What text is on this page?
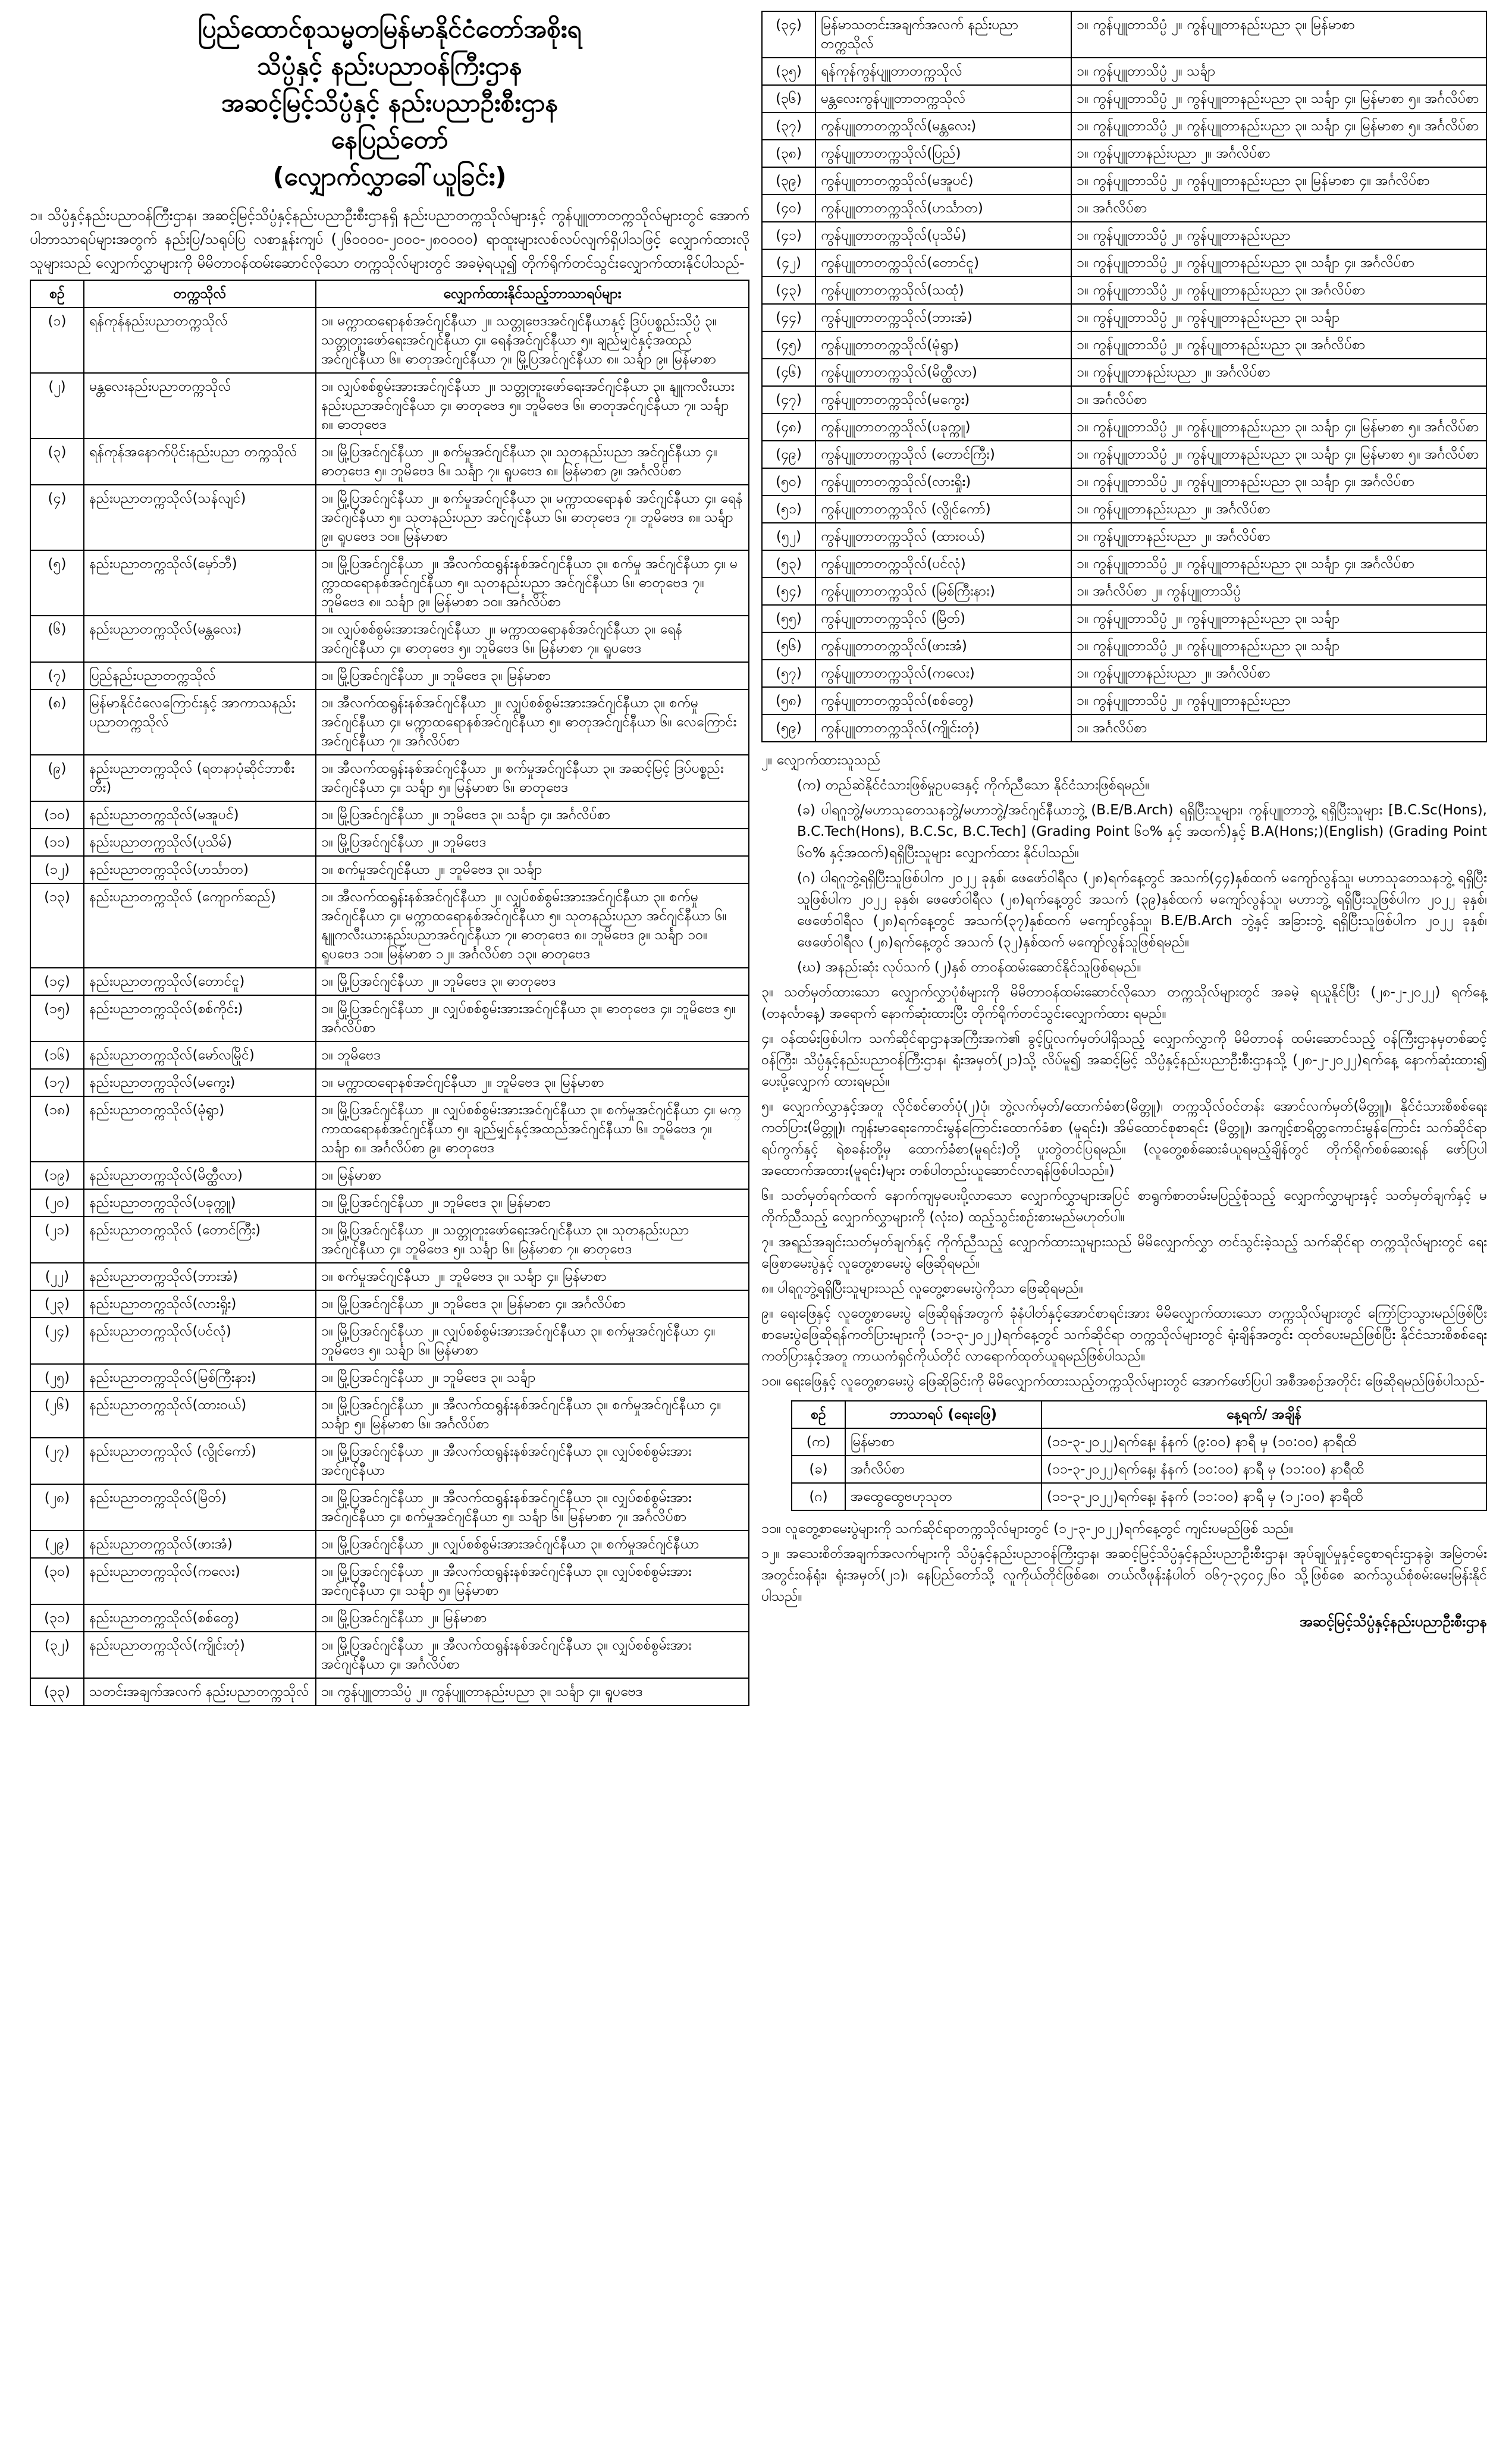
ပြည်ထောင်စုသမ္မတမြန်မာနိုင်ငံတော်အစိုးရ
သိပ္ပံနှင့် နည်းပညာဝန်ကြီးဌာန
အဆင့်မြင့်သိပ္ပံနှင့် နည်းပညာဦးစီးဌာန
နေပြည်တော်
(လျှောက်လွှာခေါ်ယူခြင်း)

၁။ သိပ္ပံနှင့်နည်းပညာဝန်ကြီးဌာန၊ အဆင့်မြင့်သိပ္ပံနှင့်နည်းပညာဦးစီးဌာနရှိ နည်းပညာတက္ကသိုလ်များနှင့် ကွန်ပျူတာတက္ကသိုလ်များတွင် အောက်ပါဘာသာရပ်များအတွက် နည်းပြ/သရုပ်ပြ လစာနှုန်းကျပ် (၂၆၀၀၀၀-၂၀၀၀-၂၈၀၀၀၀) ရာထူးများလစ်လပ်လျက်ရှိပါသဖြင့် လျှောက်ထားလိုသူများသည် လျှောက်လွှာများကို မိမိတာဝန်ထမ်းဆောင်လိုသော တက္ကသိုလ်များတွင် အခမဲ့ရယူ၍ တိုက်ရိုက်တင်သွင်းလျှောက်ထားနိုင်ပါသည်-

စဉ်	တက္ကသိုလ်	လျှောက်ထားနိုင်သည့်ဘာသာရပ်များ
(၁)	ရန်ကုန်နည်းပညာတက္ကသိုလ်	၁။ မက္ကာထရောနစ်အင်ဂျင်နီယာ ၂။ သတ္တုဗေဒအင်ဂျင်နီယာနှင့် ဒြပ်ပစ္စည်းသိပ္ပံ ၃။ သတ္တုတူးဖော်ရေးအင်ဂျင်နီယာ ၄။ ရေနံအင်ဂျင်နီယာ ၅။ ချည်မျှင်နှင့်အထည် အင်ဂျင်နီယာ ၆။ ဓာတုအင်ဂျင်နီယာ ၇။ မြို့ပြအင်ဂျင်နီယာ ၈။ သင်္ချာ ၉။ မြန်မာစာ
(၂)	မန္တလေးနည်းပညာတက္ကသိုလ်	၁။ လျှပ်စစ်စွမ်းအားအင်ဂျင်နီယာ ၂။ သတ္တုတူးဖော်ရေးအင်ဂျင်နီယာ ၃။ နျူကလီးယားနည်းပညာအင်ဂျင်နီယာ ၄။ ဓာတုဗေဒ ၅။ ဘူမိဗေဒ ၆။ ဓာတုအင်ဂျင်နီယာ ၇။ သင်္ချာ ၈။ ဓာတုဗေဒ
(၃)	ရန်ကုန်အနောက်ပိုင်းနည်းပညာ တက္ကသိုလ်	၁။ မြို့ပြအင်ဂျင်နီယာ ၂။ စက်မှုအင်ဂျင်နီယာ ၃။ သုတနည်းပညာ အင်ဂျင်နီယာ ၄။ ဓာတုဗေဒ ၅။ ဘူမိဗေဒ ၆။ သင်္ချာ ၇။ ရူပဗေဒ ၈။ မြန်မာစာ ၉။ အင်္ဂလိပ်စာ
(၄)	နည်းပညာတက္ကသိုလ်(သန်လျင်)	၁။ မြို့ပြအင်ဂျင်နီယာ ၂။ စက်မှုအင်ဂျင်နီယာ ၃။ မက္ကာထရောနစ် အင်ဂျင်နီယာ ၄။ ရေနံအင်ဂျင်နီယာ ၅။ သုတနည်းပညာ အင်ဂျင်နီယာ ၆။ ဓာတုဗေဒ ၇။ ဘူမိဗေဒ ၈။ သင်္ချာ ၉။ ရူပဗေဒ ၁၀။ မြန်မာစာ
(၅)	နည်းပညာတက္ကသိုလ်(မှော်ဘီ)	၁။ မြို့ပြအင်ဂျင်နီယာ ၂။ အီလက်ထရွန်းနစ်အင်ဂျင်နီယာ ၃။ စက်မှု အင်ဂျင်နီယာ ၄။ မက္ကာထရောနစ်အင်ဂျင်နီယာ ၅။ သုတနည်းပညာ အင်ဂျင်နီယာ ၆။ ဓာတုဗေဒ ၇။ ဘူမိဗေဒ ၈။ သင်္ချာ ၉။ မြန်မာစာ ၁၀။ အင်္ဂလိပ်စာ
(၆)	နည်းပညာတက္ကသိုလ်(မန္တလေး)	၁။ လျှပ်စစ်စွမ်းအားအင်ဂျင်နီယာ ၂။ မက္ကာထရောနစ်အင်ဂျင်နီယာ ၃။ ရေနံအင်ဂျင်နီယာ ၄။ ဓာတုဗေဒ ၅။ ဘူမိဗေဒ ၆။ မြန်မာစာ ၇။ ရူပဗေဒ
(၇)	ပြည်နည်းပညာတက္ကသိုလ်	၁။ မြို့ပြအင်ဂျင်နီယာ ၂။ ဘူမိဗေဒ ၃။ မြန်မာစာ
(၈)	မြန်မာနိုင်ငံလေကြောင်းနှင့် အာကာသနည်းပညာတက္ကသိုလ်	၁။ အီလက်ထရွန်းနစ်အင်ဂျင်နီယာ ၂။ လျှပ်စစ်စွမ်းအားအင်ဂျင်နီယာ ၃။ စက်မှုအင်ဂျင်နီယာ ၄။ မက္ကာထရောနစ်အင်ဂျင်နီယာ ၅။ ဓာတုအင်ဂျင်နီယာ ၆။ လေကြောင်းအင်ဂျင်နီယာ ၇။ အင်္ဂလိပ်စာ
(၉)	နည်းပညာတက္ကသိုလ် (ရတနာပုံဆိုင်ဘာစီးတီး)	၁။ အီလက်ထရွန်းနစ်အင်ဂျင်နီယာ ၂။ စက်မှုအင်ဂျင်နီယာ ၃။ အဆင့်မြင့် ဒြပ်ပစ္စည်းအင်ဂျင်နီယာ ၄။ သင်္ချာ ၅။ မြန်မာစာ ၆။ ဓာတုဗေဒ
(၁၀)	နည်းပညာတက္ကသိုလ်(မအူပင်)	၁။ မြို့ပြအင်ဂျင်နီယာ ၂။ ဘူမိဗေဒ ၃။ သင်္ချာ ၄။ အင်္ဂလိပ်စာ
(၁၁)	နည်းပညာတက္ကသိုလ်(ပုသိမ်)	၁။ မြို့ပြအင်ဂျင်နီယာ ၂။ ဘူမိဗေဒ
(၁၂)	နည်းပညာတက္ကသိုလ်(ဟင်္သာတ)	၁။ စက်မှုအင်ဂျင်နီယာ ၂။ ဘူမိဗေဒ ၃။ သင်္ချာ
(၁၃)	နည်းပညာတက္ကသိုလ် (ကျောက်ဆည်)	၁။ အီလက်ထရွန်းနစ်အင်ဂျင်နီယာ ၂။ လျှပ်စစ်စွမ်းအားအင်ဂျင်နီယာ ၃။ စက်မှုအင်ဂျင်နီယာ ၄။ မက္ကာထရောနစ်အင်ဂျင်နီယာ ၅။ သုတနည်းပညာ အင်ဂျင်နီယာ ၆။ နျူကလီးယားနည်းပညာအင်ဂျင်နီယာ ၇။ ဓာတုဗေဒ ၈။ ဘူမိဗေဒ ၉။ သင်္ချာ ၁၀။ ရူပဗေဒ ၁၁။ မြန်မာစာ ၁၂။ အင်္ဂလိပ်စာ ၁၃။ ဓာတုဗေဒ
(၁၄)	နည်းပညာတက္ကသိုလ်(တောင်ငူ)	၁။ မြို့ပြအင်ဂျင်နီယာ ၂။ ဘူမိဗေဒ ၃။ ဓာတုဗေဒ
(၁၅)	နည်းပညာတက္ကသိုလ်(စစ်ကိုင်း)	၁။ မြို့ပြအင်ဂျင်နီယာ ၂။ လျှပ်စစ်စွမ်းအားအင်ဂျင်နီယာ ၃။ ဓာတုဗေဒ ၄။ ဘူမိဗေဒ ၅။ အင်္ဂလိပ်စာ
(၁၆)	နည်းပညာတက္ကသိုလ်(မော်လမြိုင်)	၁။ ဘူမိဗေဒ
(၁၇)	နည်းပညာတက္ကသိုလ်(မကွေး)	၁။ မက္ကာထရောနစ်အင်ဂျင်နီယာ ၂။ ဘူမိဗေဒ ၃။ မြန်မာစာ
(၁၈)	နည်းပညာတက္ကသိုလ်(မုံရွာ)	၁။ မြို့ပြအင်ဂျင်နီယာ ၂။ လျှပ်စစ်စွမ်းအားအင်ဂျင်နီယာ ၃။ စက်မှုအင်ဂျင်နီယာ ၄။ မက္ကာထရောနစ်အင်ဂျင်နီယာ ၅။ ချည်မျှင်နှင့်အထည်အင်ဂျင်နီယာ ၆။ ဘူမိဗေဒ ၇။ သင်္ချာ ၈။ အင်္ဂလိပ်စာ ၉။ ဓာတုဗေဒ
(၁၉)	နည်းပညာတက္ကသိုလ်(မိတ္ထီလာ)	၁။ မြန်မာစာ
(၂၀)	နည်းပညာတက္ကသိုလ်(ပခုက္ကူ)	၁။ မြို့ပြအင်ဂျင်နီယာ ၂။ ဘူမိဗေဒ ၃။ မြန်မာစာ
(၂၁)	နည်းပညာတက္ကသိုလ် (တောင်ကြီး)	၁။ မြို့ပြအင်ဂျင်နီယာ ၂။ သတ္တုတူးဖော်ရေးအင်ဂျင်နီယာ ၃။ သုတနည်းပညာအင်ဂျင်နီယာ ၄။ ဘူမိဗေဒ ၅။ သင်္ချာ ၆။ မြန်မာစာ ၇။ ဓာတုဗေဒ
(၂၂)	နည်းပညာတက္ကသိုလ်(ဘားအံ)	၁။ စက်မှုအင်ဂျင်နီယာ ၂။ ဘူမိဗေဒ ၃။ သင်္ချာ ၄။ မြန်မာစာ
(၂၃)	နည်းပညာတက္ကသိုလ်(လားရှိုး)	၁။ မြို့ပြအင်ဂျင်နီယာ ၂။ ဘူမိဗေဒ ၃။ မြန်မာစာ ၄။ အင်္ဂလိပ်စာ
(၂၄)	နည်းပညာတက္ကသိုလ်(ပင်လုံ)	၁။ မြို့ပြအင်ဂျင်နီယာ ၂။ လျှပ်စစ်စွမ်းအားအင်ဂျင်နီယာ ၃။ စက်မှုအင်ဂျင်နီယာ ၄။ ဘူမိဗေဒ ၅။ သင်္ချာ ၆။ မြန်မာစာ
(၂၅)	နည်းပညာတက္ကသိုလ်(မြစ်ကြီးနား)	၁။ မြို့ပြအင်ဂျင်နီယာ ၂။ ဘူမိဗေဒ ၃။ သင်္ချာ
(၂၆)	နည်းပညာတက္ကသိုလ်(ထားဝယ်)	၁။ မြို့ပြအင်ဂျင်နီယာ ၂။ အီလက်ထရွန်းနစ်အင်ဂျင်နီယာ ၃။ စက်မှုအင်ဂျင်နီယာ ၄။ သင်္ချာ ၅။ မြန်မာစာ ၆။ အင်္ဂလိပ်စာ
(၂၇)	နည်းပညာတက္ကသိုလ် (လွိုင်ကော်)	၁။ မြို့ပြအင်ဂျင်နီယာ ၂။ အီလက်ထရွန်းနစ်အင်ဂျင်နီယာ ၃။ လျှပ်စစ်စွမ်းအားအင်ဂျင်နီယာ
(၂၈)	နည်းပညာတက္ကသိုလ်(မြိတ်)	၁။ မြို့ပြအင်ဂျင်နီယာ ၂။ အီလက်ထရွန်းနစ်အင်ဂျင်နီယာ ၃။ လျှပ်စစ်စွမ်းအားအင်ဂျင်နီယာ ၄။ စက်မှုအင်ဂျင်နီယာ ၅။ သင်္ချာ ၆။ မြန်မာစာ ၇။ အင်္ဂလိပ်စာ
(၂၉)	နည်းပညာတက္ကသိုလ်(ဖားအံ)	၁။ မြို့ပြအင်ဂျင်နီယာ ၂။ လျှပ်စစ်စွမ်းအားအင်ဂျင်နီယာ ၃။ စက်မှုအင်ဂျင်နီယာ
(၃၀)	နည်းပညာတက္ကသိုလ်(ကလေး)	၁။ မြို့ပြအင်ဂျင်နီယာ ၂။ အီလက်ထရွန်းနစ်အင်ဂျင်နီယာ ၃။ လျှပ်စစ်စွမ်းအားအင်ဂျင်နီယာ ၄။ သင်္ချာ ၅။ မြန်မာစာ
(၃၁)	နည်းပညာတက္ကသိုလ်(စစ်တွေ)	၁။ မြို့ပြအင်ဂျင်နီယာ ၂။ မြန်မာစာ
(၃၂)	နည်းပညာတက္ကသိုလ်(ကျိုင်းတုံ)	၁။ မြို့ပြအင်ဂျင်နီယာ ၂။ အီလက်ထရွန်းနစ်အင်ဂျင်နီယာ ၃။ လျှပ်စစ်စွမ်းအားအင်ဂျင်နီယာ ၄။ အင်္ဂလိပ်စာ
(၃၃)	သတင်းအချက်အလက် နည်းပညာတက္ကသိုလ်	၁။ ကွန်ပျူတာသိပ္ပံ ၂။ ကွန်ပျူတာနည်းပညာ ၃။ သင်္ချာ ၄။ ရူပဗေဒ
(၃၄)	မြန်မာသတင်းအချက်အလက် နည်းပညာတက္ကသိုလ်	၁။ ကွန်ပျူတာသိပ္ပံ ၂။ ကွန်ပျူတာနည်းပညာ ၃။ မြန်မာစာ
(၃၅)	ရန်ကုန်ကွန်ပျူတာတက္ကသိုလ်	၁။ ကွန်ပျူတာသိပ္ပံ ၂။ သင်္ချာ
(၃၆)	မန္တလေးကွန်ပျူတာတက္ကသိုလ်	၁။ ကွန်ပျူတာသိပ္ပံ ၂။ ကွန်ပျူတာနည်းပညာ ၃။ သင်္ချာ ၄။ မြန်မာစာ ၅။ အင်္ဂလိပ်စာ
(၃၇)	ကွန်ပျူတာတက္ကသိုလ်(မန္တလေး)	၁။ ကွန်ပျူတာသိပ္ပံ ၂။ ကွန်ပျူတာနည်းပညာ ၃။ သင်္ချာ ၄။ မြန်မာစာ ၅။ အင်္ဂလိပ်စာ
(၃၈)	ကွန်ပျူတာတက္ကသိုလ်(ပြည်)	၁။ ကွန်ပျူတာနည်းပညာ ၂။ အင်္ဂလိပ်စာ
(၃၉)	ကွန်ပျူတာတက္ကသိုလ်(မအူပင်)	၁။ ကွန်ပျူတာသိပ္ပံ ၂။ ကွန်ပျူတာနည်းပညာ ၃။ မြန်မာစာ ၄။ အင်္ဂလိပ်စာ
(၄၀)	ကွန်ပျူတာတက္ကသိုလ်(ဟင်္သာတ)	၁။ အင်္ဂလိပ်စာ
(၄၁)	ကွန်ပျူတာတက္ကသိုလ်(ပုသိမ်)	၁။ ကွန်ပျူတာသိပ္ပံ ၂။ ကွန်ပျူတာနည်းပညာ
(၄၂)	ကွန်ပျူတာတက္ကသိုလ်(တောင်ငူ)	၁။ ကွန်ပျူတာသိပ္ပံ ၂။ ကွန်ပျူတာနည်းပညာ ၃။ သင်္ချာ ၄။ အင်္ဂလိပ်စာ
(၄၃)	ကွန်ပျူတာတက္ကသိုလ်(သထုံ)	၁။ ကွန်ပျူတာသိပ္ပံ ၂။ ကွန်ပျူတာနည်းပညာ ၃။ အင်္ဂလိပ်စာ
(၄၄)	ကွန်ပျူတာတက္ကသိုလ်(ဘားအံ)	၁။ ကွန်ပျူတာသိပ္ပံ ၂။ ကွန်ပျူတာနည်းပညာ ၃။ သင်္ချာ
(၄၅)	ကွန်ပျူတာတက္ကသိုလ်(မုံရွာ)	၁။ ကွန်ပျူတာသိပ္ပံ ၂။ ကွန်ပျူတာနည်းပညာ ၃။ အင်္ဂလိပ်စာ
(၄၆)	ကွန်ပျူတာတက္ကသိုလ်(မိတ္ထီလာ)	၁။ ကွန်ပျူတာနည်းပညာ ၂။ အင်္ဂလိပ်စာ
(၄၇)	ကွန်ပျူတာတက္ကသိုလ်(မကွေး)	၁။ အင်္ဂလိပ်စာ
(၄၈)	ကွန်ပျူတာတက္ကသိုလ်(ပခုက္ကူ)	၁။ ကွန်ပျူတာသိပ္ပံ ၂။ ကွန်ပျူတာနည်းပညာ ၃။ သင်္ချာ ၄။ မြန်မာစာ ၅။ အင်္ဂလိပ်စာ
(၄၉)	ကွန်ပျူတာတက္ကသိုလ် (တောင်ကြီး)	၁။ ကွန်ပျူတာသိပ္ပံ ၂။ ကွန်ပျူတာနည်းပညာ ၃။ သင်္ချာ ၄။ မြန်မာစာ ၅။ အင်္ဂလိပ်စာ
(၅၀)	ကွန်ပျူတာတက္ကသိုလ်(လားရှိုး)	၁။ ကွန်ပျူတာသိပ္ပံ ၂။ ကွန်ပျူတာနည်းပညာ ၃။ သင်္ချာ ၄။ အင်္ဂလိပ်စာ
(၅၁)	ကွန်ပျူတာတက္ကသိုလ် (လွိုင်ကော်)	၁။ ကွန်ပျူတာနည်းပညာ ၂။ အင်္ဂလိပ်စာ
(၅၂)	ကွန်ပျူတာတက္ကသိုလ် (ထားဝယ်)	၁။ ကွန်ပျူတာနည်းပညာ ၂။ အင်္ဂလိပ်စာ
(၅၃)	ကွန်ပျူတာတက္ကသိုလ်(ပင်လုံ)	၁။ ကွန်ပျူတာသိပ္ပံ ၂။ ကွန်ပျူတာနည်းပညာ ၃။ သင်္ချာ ၄။ အင်္ဂလိပ်စာ
(၅၄)	ကွန်ပျူတာတက္ကသိုလ် (မြစ်ကြီးနား)	၁။ အင်္ဂလိပ်စာ ၂။ ကွန်ပျူတာသိပ္ပံ
(၅၅)	ကွန်ပျူတာတက္ကသိုလ် (မြိတ်)	၁။ ကွန်ပျူတာသိပ္ပံ ၂။ ကွန်ပျူတာနည်းပညာ ၃။ သင်္ချာ
(၅၆)	ကွန်ပျူတာတက္ကသိုလ်(ဖားအံ)	၁။ ကွန်ပျူတာသိပ္ပံ ၂။ ကွန်ပျူတာနည်းပညာ ၃။ သင်္ချာ
(၅၇)	ကွန်ပျူတာတက္ကသိုလ်(ကလေး)	၁။ ကွန်ပျူတာနည်းပညာ ၂။ အင်္ဂလိပ်စာ
(၅၈)	ကွန်ပျူတာတက္ကသိုလ်(စစ်တွေ)	၁။ ကွန်ပျူတာသိပ္ပံ ၂။ ကွန်ပျူတာနည်းပညာ
(၅၉)	ကွန်ပျူတာတက္ကသိုလ်(ကျိုင်းတုံ)	၁။ အင်္ဂလိပ်စာ

၂။ လျှောက်ထားသူသည်

(က) တည်ဆဲနိုင်ငံသားဖြစ်မှုဥပဒေနှင့် ကိုက်ညီသော နိုင်ငံသားဖြစ်ရမည်။

(ခ) ပါရဂူဘွဲ့/မဟာသုတေသနဘွဲ့/မဟာဘွဲ့/အင်ဂျင်နီယာဘွဲ့ (B.E/B.Arch) ရရှိပြီးသူများ၊ ကွန်ပျူတာဘွဲ့ ရရှိပြီးသူများ [B.C.Sc(Hons), B.C.Tech(Hons), B.C.Sc, B.C.Tech] (Grading Point ၆၀% နှင့် အထက်)နှင့် B.A(Hons;)(English) (Grading Point ၆၀% နှင့်အထက်)ရရှိပြီးသူများ လျှောက်ထား နိုင်ပါသည်။

(ဂ) ပါရဂူဘွဲ့ရရှိပြီးသူဖြစ်ပါက ၂၀၂၂ ခုနှစ်၊ ဖေဖော်ဝါရီလ (၂၈)ရက်နေ့တွင် အသက်(၄၄)နှစ်ထက် မကျော်လွန်သူ၊ မဟာသုတေသနဘွဲ့ ရရှိပြီးသူဖြစ်ပါက ၂၀၂၂ ခုနှစ်၊ ဖေဖော်ဝါရီလ (၂၈)ရက်နေ့တွင် အသက် (၃၉)နှစ်ထက် မကျော်လွန်သူ၊ မဟာဘွဲ့ ရရှိပြီးသူဖြစ်ပါက ၂၀၂၂ ခုနှစ်၊ ဖေဖော်ဝါရီလ (၂၈)ရက်နေ့တွင် အသက်(၃၇)နှစ်ထက် မကျော်လွန်သူ၊ B.E/B.Arch ဘွဲ့နှင့် အခြားဘွဲ့ ရရှိပြီးသူဖြစ်ပါက ၂၀၂၂ ခုနှစ်၊ ဖေဖော်ဝါရီလ (၂၈)ရက်နေ့တွင် အသက် (၃၂)နှစ်ထက် မကျော်လွန်သူဖြစ်ရမည်။

(ဃ) အနည်းဆုံး လုပ်သက် (၂)နှစ် တာဝန်ထမ်းဆောင်နိုင်သူဖြစ်ရမည်။

၃။ သတ်မှတ်ထားသော လျှောက်လွှာပုံစံများကို မိမိတာဝန်ထမ်းဆောင်လိုသော တက္ကသိုလ်များတွင် အခမဲ့ ရယူနိုင်ပြီး (၂၈-၂-၂၀၂၂) ရက်နေ့ (တနင်္လာနေ့) အရောက် နောက်ဆုံးထားပြီး တိုက်ရိုက်တင်သွင်းလျှောက်ထား ရမည်။

၄။ ဝန်ထမ်းဖြစ်ပါက သက်ဆိုင်ရာဌာနအကြီးအကဲ၏ ခွင့်ပြုလက်မှတ်ပါရှိသည့် လျှောက်လွှာကို မိမိတာဝန် ထမ်းဆောင်သည့် ဝန်ကြီးဌာနမှတစ်ဆင့် ဝန်ကြီး၊ သိပ္ပံနှင့်နည်းပညာဝန်ကြီးဌာန၊ ရုံးအမှတ်(၂၁)သို့ လိပ်မူ၍ အဆင့်မြင့် သိပ္ပံနှင့်နည်းပညာဦးစီးဌာနသို့ (၂၈-၂-၂၀၂၂)ရက်နေ့ နောက်ဆုံးထား၍ ပေးပို့လျှောက် ထားရမည်။

၅။ လျှောက်လွှာနှင့်အတူ လိုင်စင်ဓာတ်ပုံ(၂)ပုံ၊ ဘွဲ့လက်မှတ်/ထောက်ခံစာ(မိတ္တူ)၊ တက္ကသိုလ်ဝင်တန်း အောင်လက်မှတ်(မိတ္တူ)၊ နိုင်ငံသားစိစစ်ရေးကတ်ပြား(မိတ္တူ)၊ ကျန်းမာရေးကောင်းမွန်ကြောင်းထောက်ခံစာ (မူရင်း)၊ အိမ်ထောင်စုစာရင်း (မိတ္တူ)၊ အကျင့်စာရိတ္တကောင်းမွန်ကြောင်း သက်ဆိုင်ရာရပ်ကွက်နှင့် ရဲစခန်းတို့မှ ထောက်ခံစာ(မူရင်း)တို့ ပူးတွဲတင်ပြရမည်။ (လူတွေ့စစ်ဆေးခံယူရမည့်ချိန်တွင် တိုက်ရိုက်စစ်ဆေးရန် ဖော်ပြပါ အထောက်အထား(မူရင်း)များ တစ်ပါတည်းယူဆောင်လာရန်ဖြစ်ပါသည်။)

၆။ သတ်မှတ်ရက်ထက် နောက်ကျမှပေးပို့လာသော လျှောက်လွှာများအပြင် စာရွက်စာတမ်းမပြည့်စုံသည့် လျှောက်လွှာများနှင့် သတ်မှတ်ချက်နှင့် မကိုက်ညီသည့် လျှောက်လွှာများကို (လုံးဝ) ထည့်သွင်းစဉ်းစားမည်မဟုတ်ပါ။

၇။ အရည်အချင်းသတ်မှတ်ချက်နှင့် ကိုက်ညီသည့် လျှောက်ထားသူများသည် မိမိလျှောက်လွှာ တင်သွင်းခဲ့သည့် သက်ဆိုင်ရာ တက္ကသိုလ်များတွင် ရေးဖြေစာမေးပွဲနှင့် လူတွေ့စာမေးပွဲ ဖြေဆိုရမည်။

၈။ ပါရဂူဘွဲ့ရရှိပြီးသူများသည် လူတွေ့စာမေးပွဲကိုသာ ဖြေဆိုရမည်။

၉။ ရေးဖြေနှင့် လူတွေ့စာမေးပွဲ ဖြေဆိုရန်အတွက် ခုံနံပါတ်နှင့်အောင်စာရင်းအား မိမိလျှောက်ထားသော တက္ကသိုလ်များတွင် ကြော်ငြာသွားမည်ဖြစ်ပြီး စာမေးပွဲဖြေဆိုရန်ကတ်ပြားများကို (၁၁-၃-၂၀၂၂)ရက်နေ့တွင် သက်ဆိုင်ရာ တက္ကသိုလ်များတွင် ရုံးချိန်အတွင်း ထုတ်ပေးမည်ဖြစ်ပြီး နိုင်ငံသားစိစစ်ရေးကတ်ပြားနှင့်အတူ ကာယကံရှင်ကိုယ်တိုင် လာရောက်ထုတ်ယူရမည်ဖြစ်ပါသည်။

၁၀။ ရေးဖြေနှင့် လူတွေ့စာမေးပွဲ ဖြေဆိုခြင်းကို မိမိလျှောက်ထားသည့်တက္ကသိုလ်များတွင် အောက်ဖော်ပြပါ အစီအစဉ်အတိုင်း ဖြေဆိုရမည်ဖြစ်ပါသည်-

စဉ်	ဘာသာရပ် (ရေးဖြေ)	နေ့ရက်/ အချိန်
(က)	မြန်မာစာ	(၁၁-၃-၂၀၂၂)ရက်နေ့၊ နံနက် (၉:၀၀) နာရီ မှ (၁၀:၀၀) နာရီထိ
(ခ)	အင်္ဂလိပ်စာ	(၁၁-၃-၂၀၂၂)ရက်နေ့၊ နံနက် (၁၀:၀၀) နာရီ မှ (၁၁:၀၀) နာရီထိ
(ဂ)	အထွေထွေဗဟုသုတ	(၁၁-၃-၂၀၂၂)ရက်နေ့၊ နံနက် (၁၁:၀၀) နာရီ မှ (၁၂:၀၀) နာရီထိ

၁၁။ လူတွေ့စာမေးပွဲများကို သက်ဆိုင်ရာတက္ကသိုလ်များတွင် (၁၂-၃-၂၀၂၂)ရက်နေ့တွင် ကျင်းပမည်ဖြစ် သည်။

၁၂။ အသေးစိတ်အချက်အလက်များကို သိပ္ပံနှင့်နည်းပညာဝန်ကြီးဌာန၊ အဆင့်မြင့်သိပ္ပံနှင့်နည်းပညာဦးစီးဌာန၊ အုပ်ချုပ်မှုနှင့်ငွေစာရင်းဌာနခွဲ၊ အမြဲတမ်းအတွင်းဝန်ရုံး၊ ရုံးအမှတ်(၂၁)၊ နေပြည်တော်သို့ လူကိုယ်တိုင်ဖြစ်စေ၊ တယ်လီဖုန်းနံပါတ် ၀၆၇-၃၄၀၄၂၆၀ သို့ဖြစ်စေ ဆက်သွယ်စုံစမ်းမေးမြန်းနိုင်ပါသည်။

အဆင့်မြင့်သိပ္ပံနှင့်နည်းပညာဦးစီးဌာန
